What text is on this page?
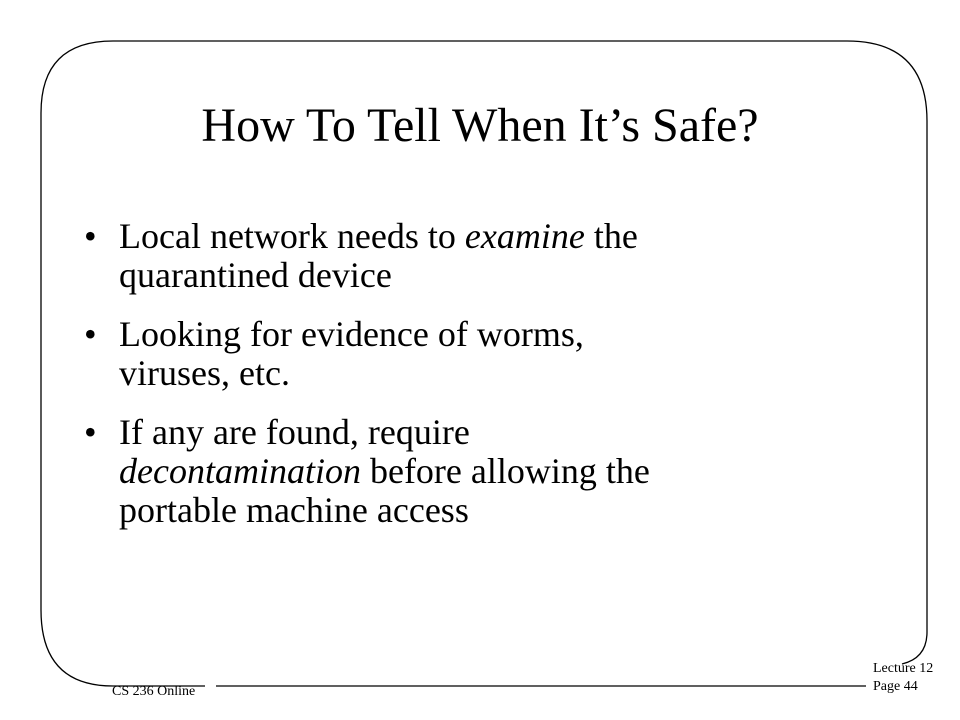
How To Tell When It’s Safe?
• Local network needs to examine the
quarantined device
• Looking for evidence of worms,
viruses, etc.
• If any are found, require
decontamination before allowing the
portable machine access
CS 236 Online
Lecture 12
Page 44
